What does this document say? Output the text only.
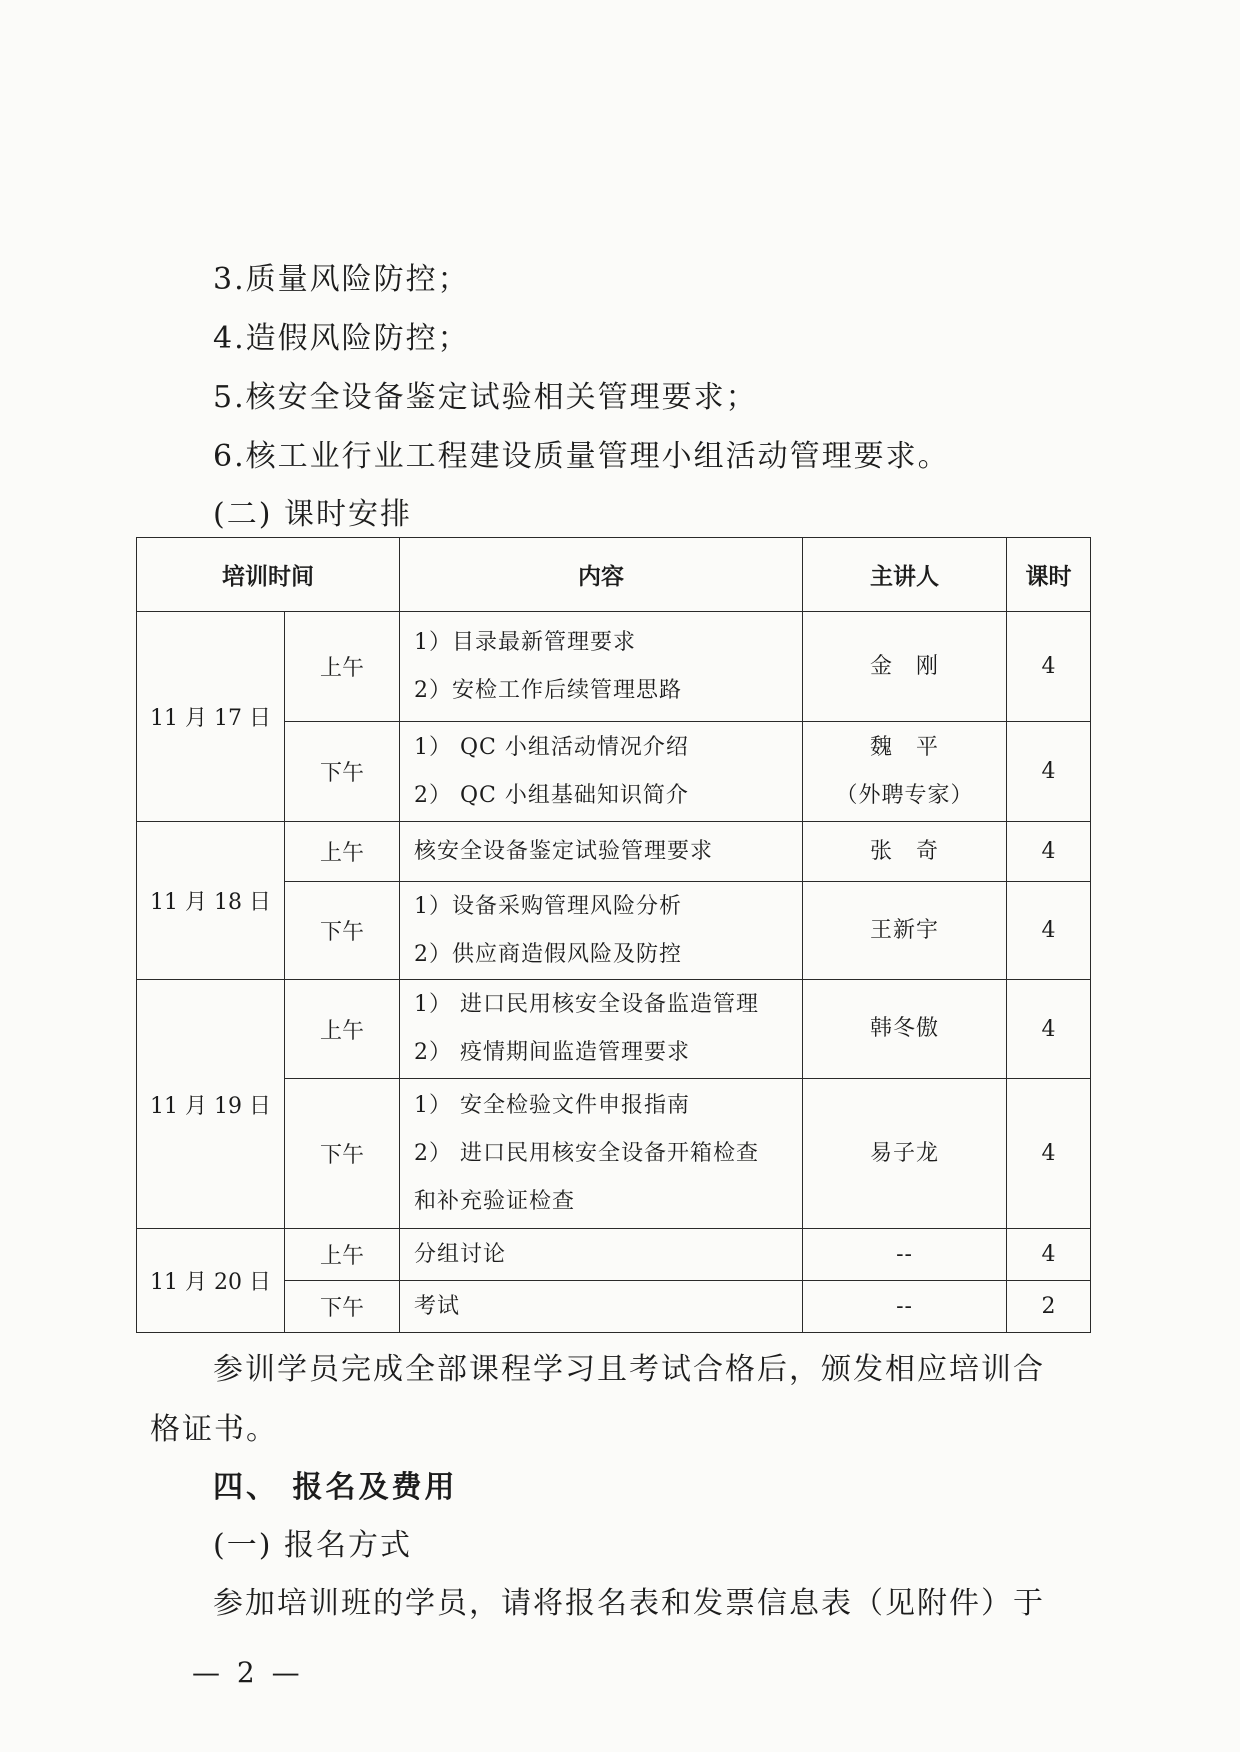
3.质量风险防控；

4.造假风险防控；

5.核安全设备鉴定试验相关管理要求；

6.核工业行业工程建设质量管理小组活动管理要求。

(二) 课时安排

培训时间		内容	主讲人	课时
11 月 17 日	上午	1）目录最新管理要求
2）安检工作后续管理思路	金　刚	4
	下午	1） QC 小组活动情况介绍
2） QC 小组基础知识简介	魏　平
（外聘专家）	4
11 月 18 日	上午	核安全设备鉴定试验管理要求	张　奇	4
	下午	1）设备采购管理风险分析
2）供应商造假风险及防控	王新宇	4
11 月 19 日	上午	1） 进口民用核安全设备监造管理
2） 疫情期间监造管理要求	韩冬傲	4
	下午	1） 安全检验文件申报指南
2） 进口民用核安全设备开箱检查
和补充验证检查	易子龙	4
11 月 20 日	上午	分组讨论	--	4
	下午	考试	--	2

参训学员完成全部课程学习且考试合格后，颁发相应培训合

格证书。

四、 报名及费用

(一) 报名方式

参加培训班的学员，请将报名表和发票信息表（见附件）于

— 2 —
